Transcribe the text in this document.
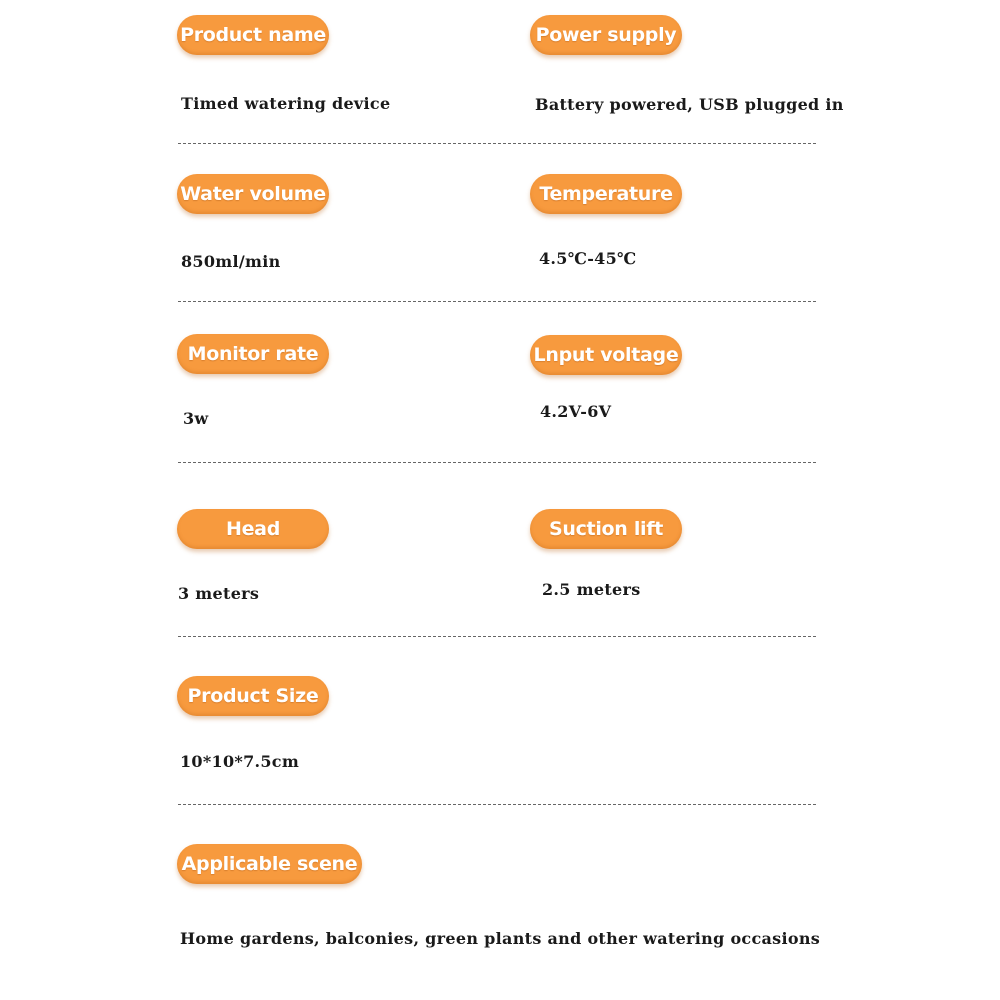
Product name	Power supply
Timed watering device	Battery powered, USB plugged in
Water volume	Temperature
850ml/min	4.5℃-45℃
Monitor rate	Lnput voltage
3w	4.2V-6V
Head	Suction lift
3 meters	2.5 meters
Product Size
10*10*7.5cm
Applicable scene
Home gardens, balconies, green plants and other watering occasions
